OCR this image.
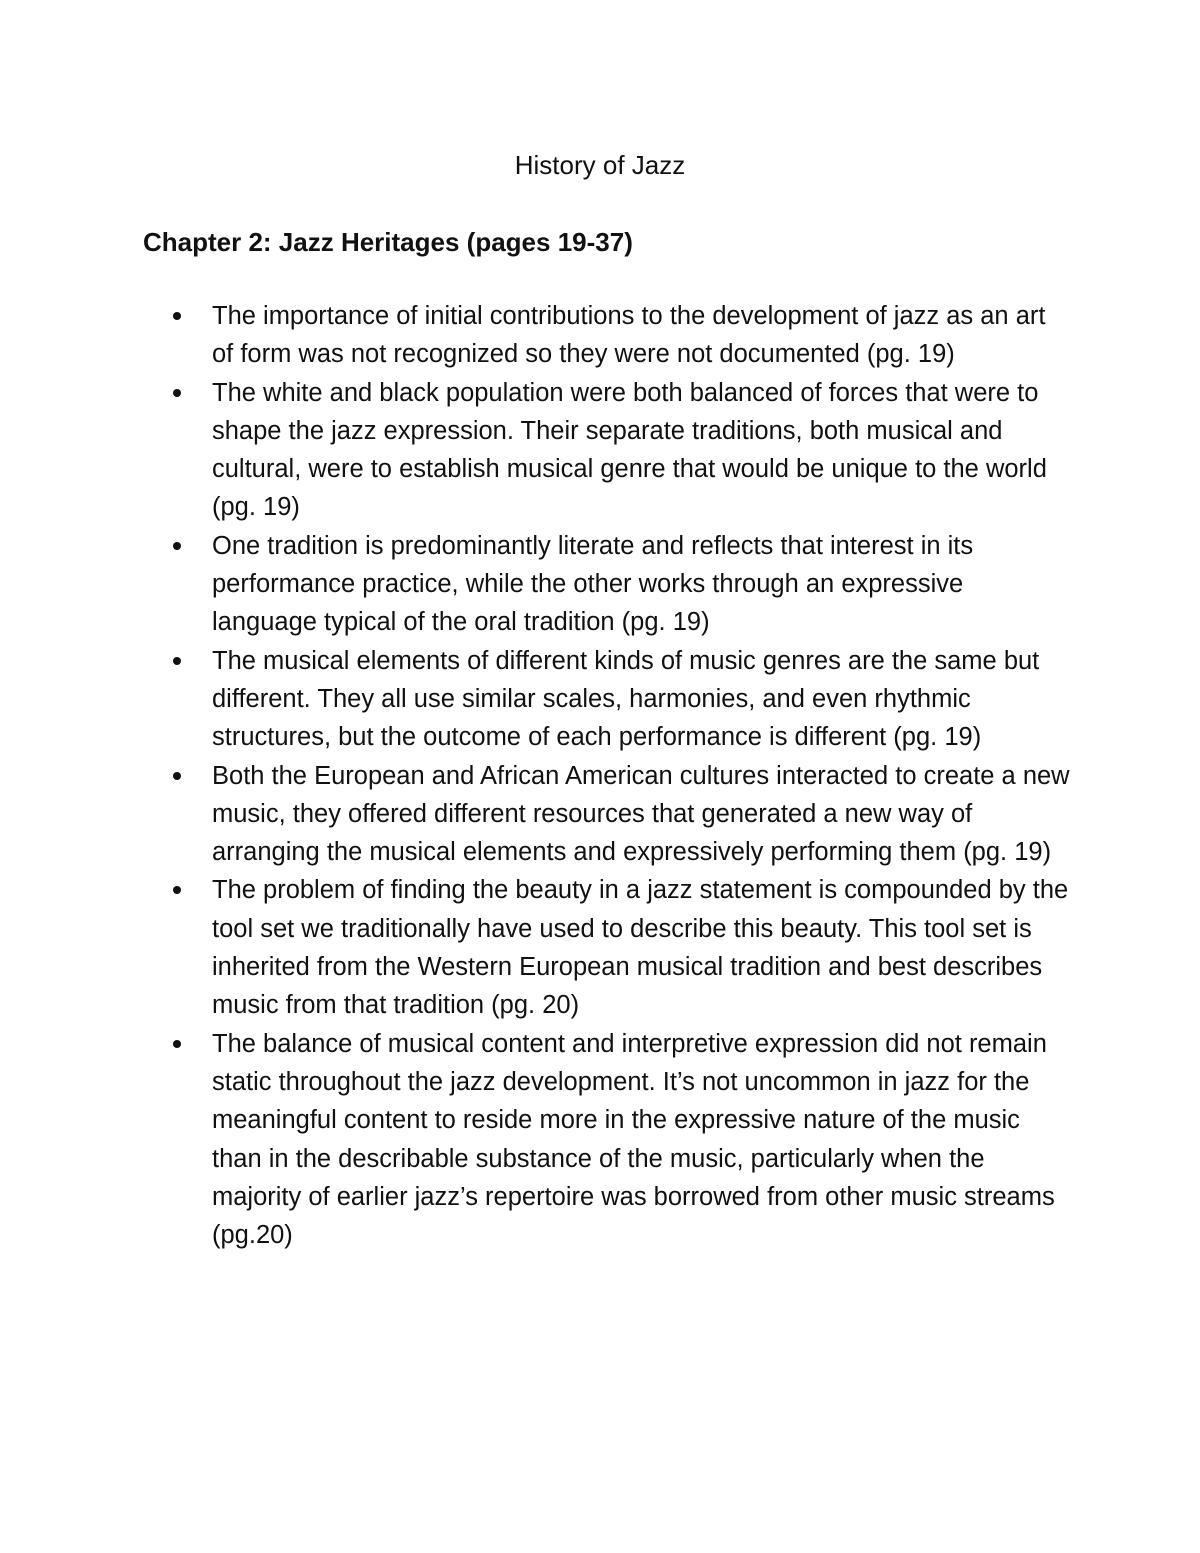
History of Jazz
Chapter 2: Jazz Heritages (pages 19-37)
The importance of initial contributions to the development of jazz as an art of form was not recognized so they were not documented (pg. 19)
The white and black population were both balanced of forces that were to shape the jazz expression. Their separate traditions, both musical and cultural, were to establish musical genre that would be unique to the world (pg. 19)
One tradition is predominantly literate and reflects that interest in its performance practice, while the other works through an expressive language typical of the oral tradition (pg. 19)
The musical elements of different kinds of music genres are the same but different. They all use similar scales, harmonies, and even rhythmic structures, but the outcome of each performance is different (pg. 19)
Both the European and African American cultures interacted to create a new music, they offered different resources that generated a new way of arranging the musical elements and expressively performing them (pg. 19)
The problem of finding the beauty in a jazz statement is compounded by the tool set we traditionally have used to describe this beauty. This tool set is inherited from the Western European musical tradition and best describes music from that tradition (pg. 20)
The balance of musical content and interpretive expression did not remain static throughout the jazz development. It’s not uncommon in jazz for the meaningful content to reside more in the expressive nature of the music than in the describable substance of the music, particularly when the majority of earlier jazz’s repertoire was borrowed from other music streams (pg.20)
